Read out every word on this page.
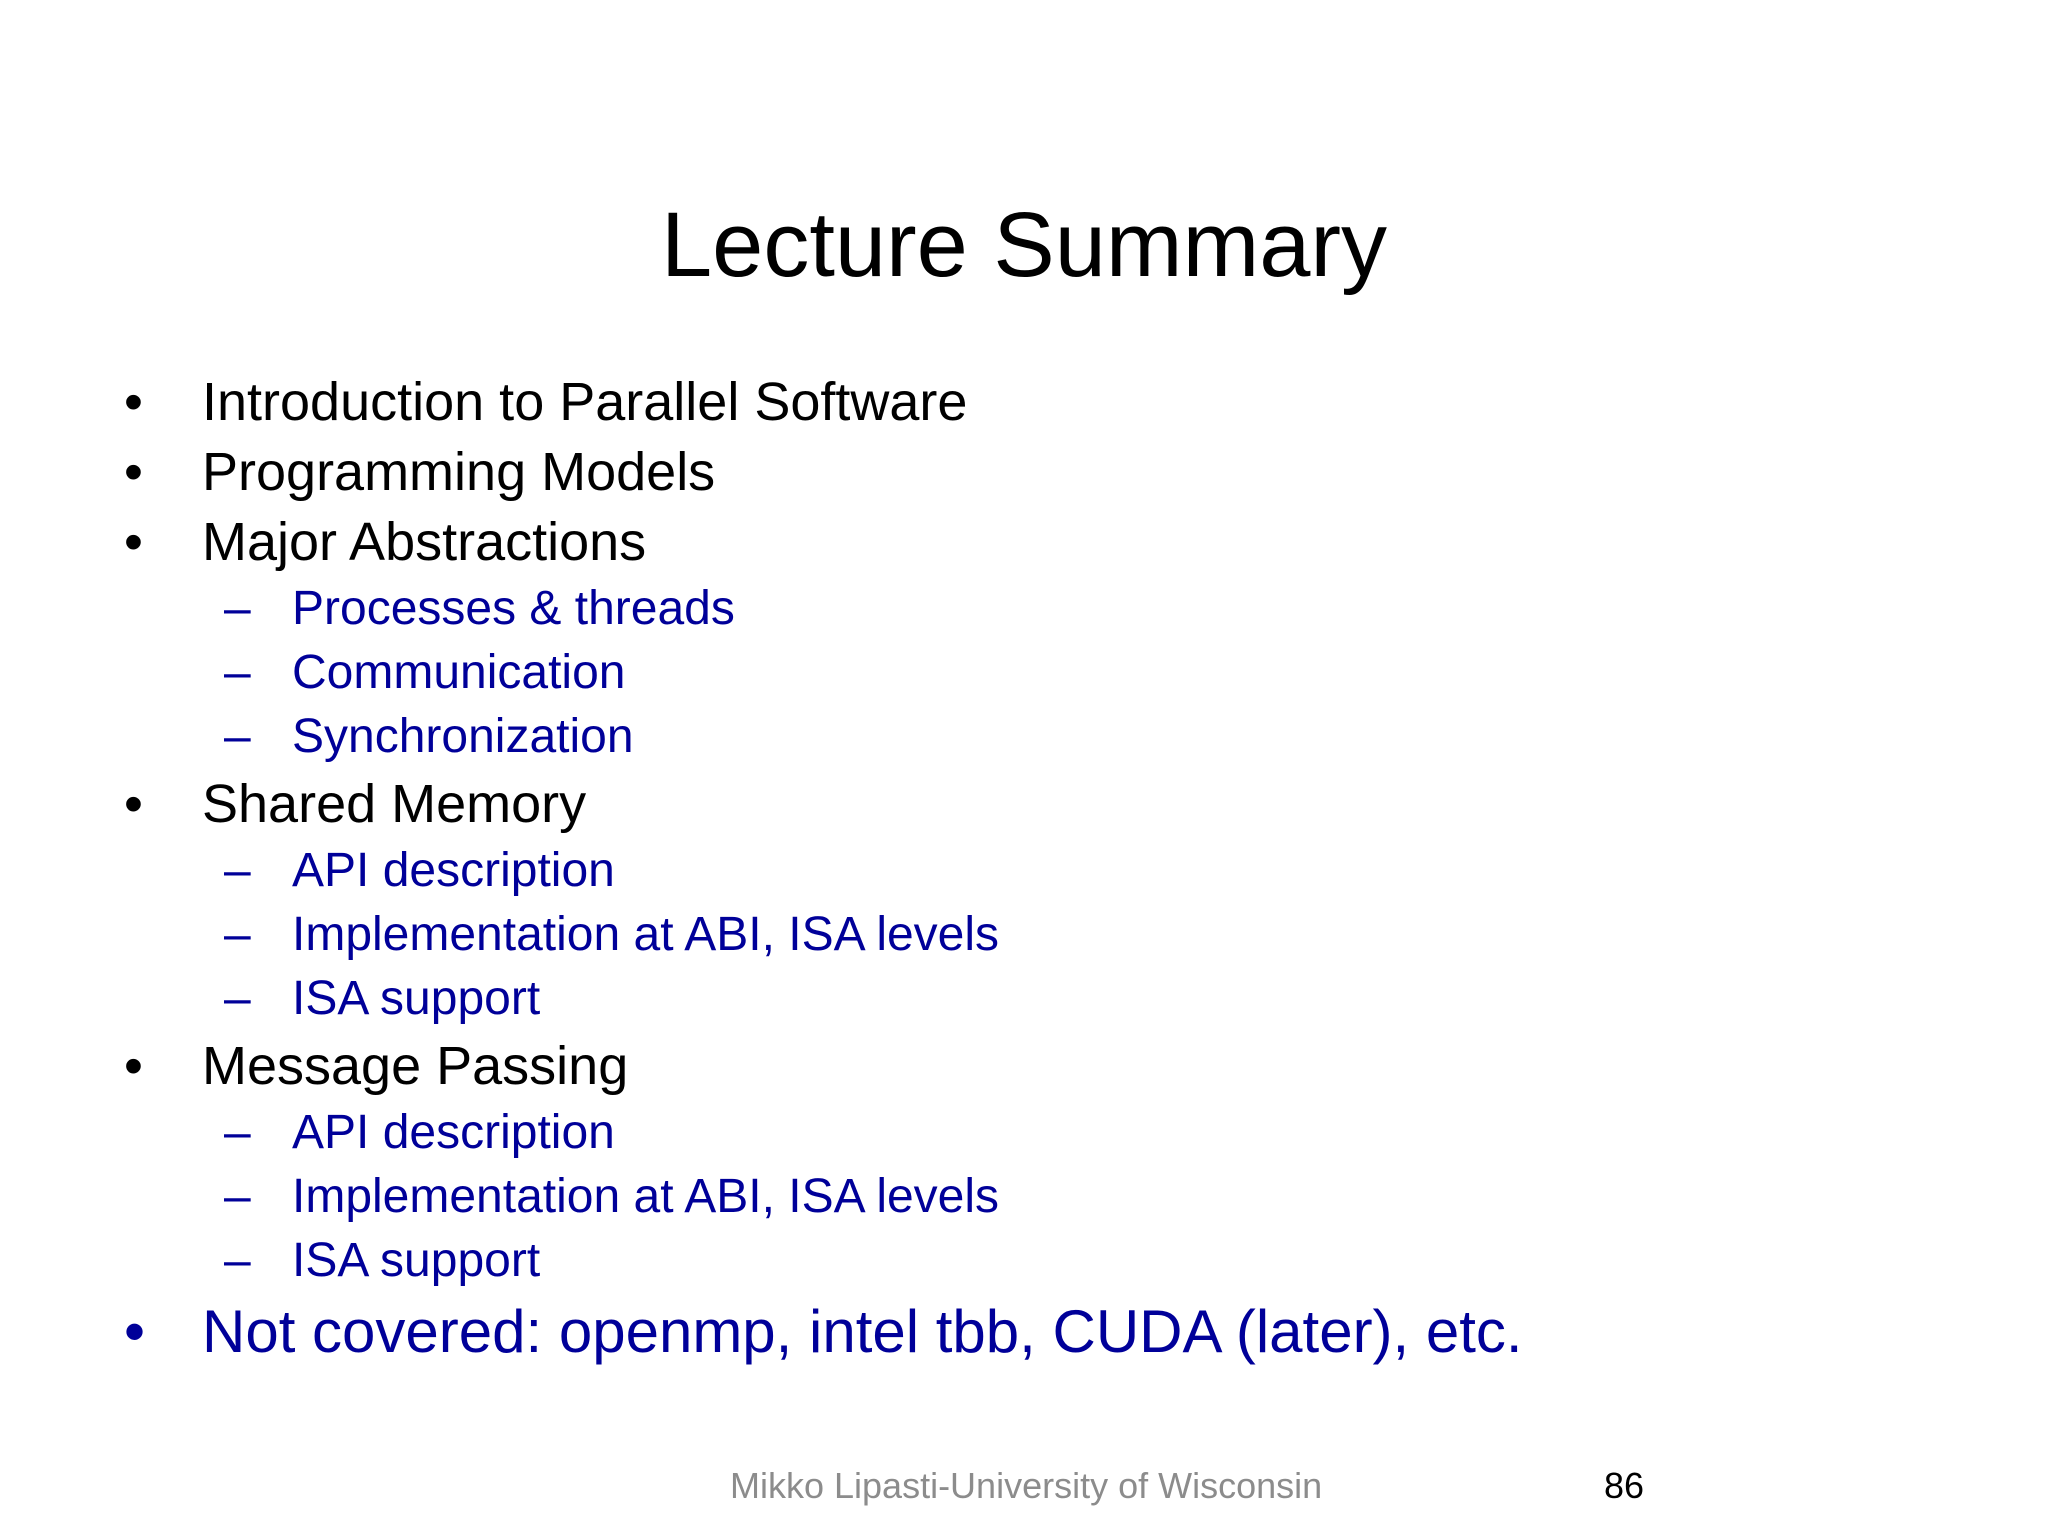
Lecture Summary
• Introduction to Parallel Software
• Programming Models
• Major Abstractions
– Processes & threads
– Communication
– Synchronization
• Shared Memory
– API description
– Implementation at ABI, ISA levels
– ISA support
• Message Passing
– API description
– Implementation at ABI, ISA levels
– ISA support
• Not covered: openmp, intel tbb, CUDA (later), etc.
Mikko Lipasti-University of Wisconsin	86
